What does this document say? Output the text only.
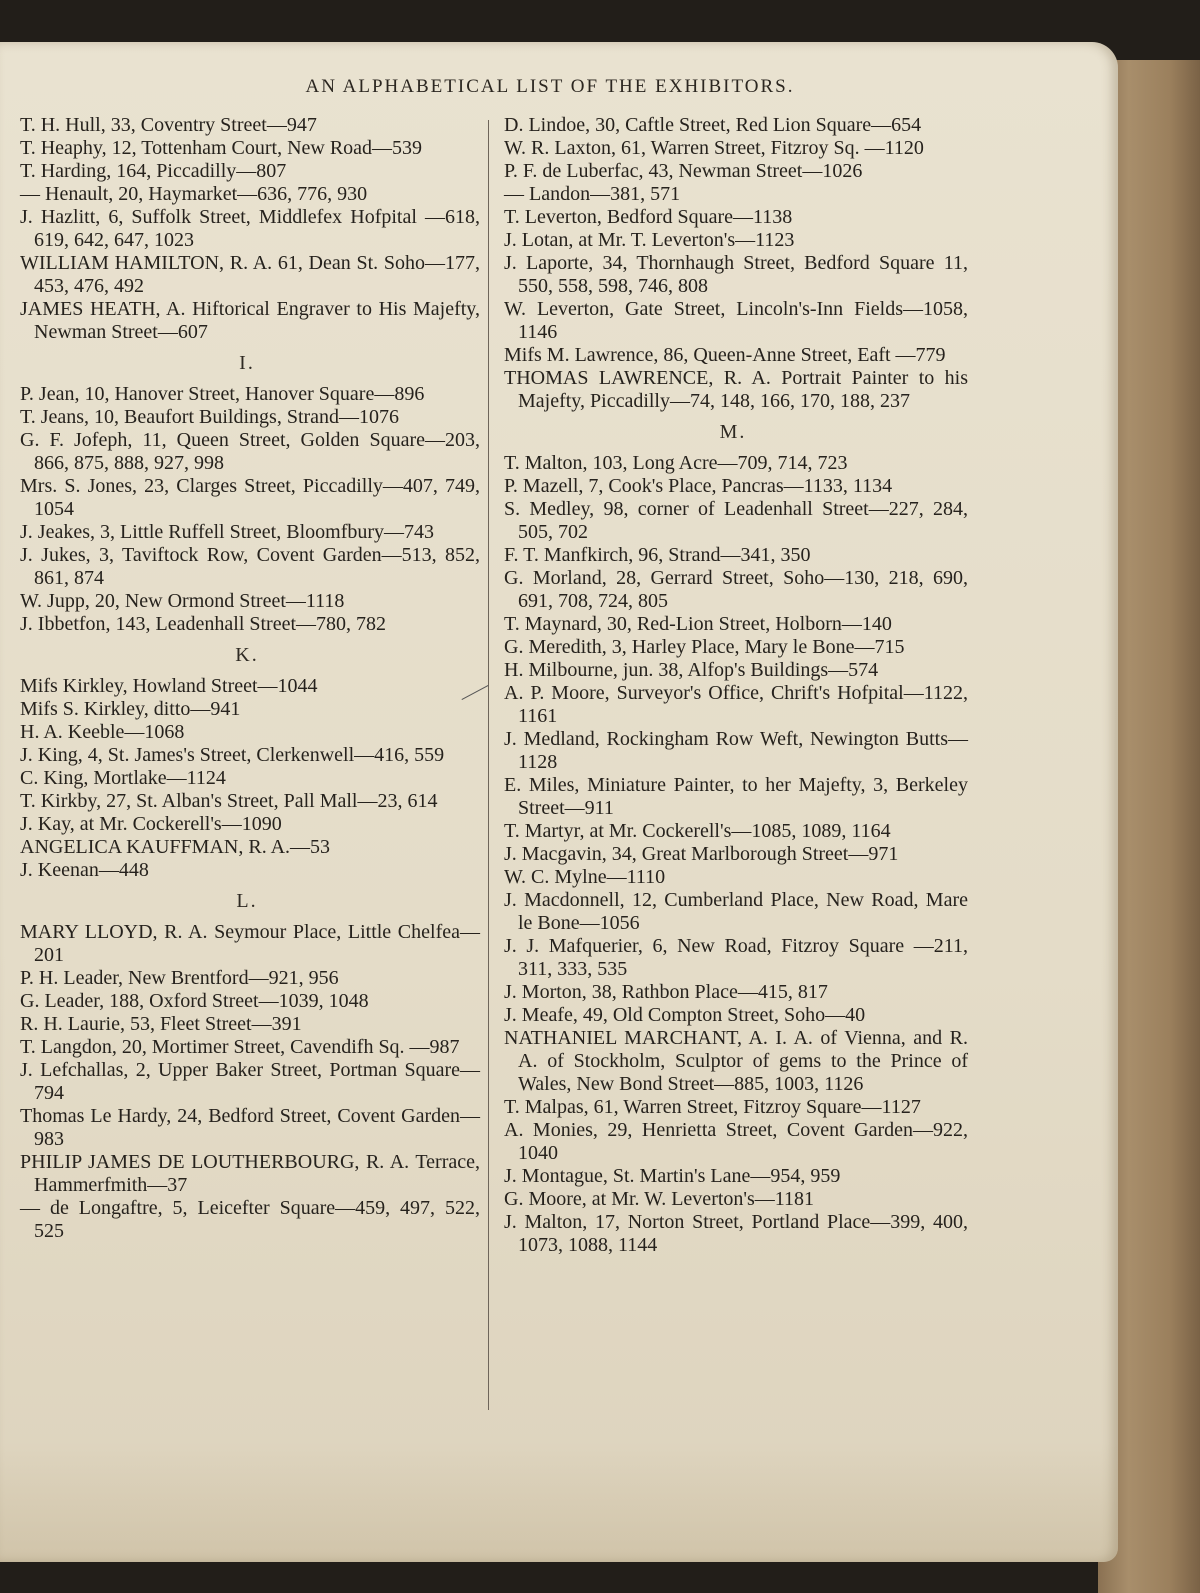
AN ALPHABETICAL LIST OF THE EXHIBITORS.

T. H. Hull, 33, Coventry Street—947

T. Heaphy, 12, Tottenham Court, New Road—539

T. Harding, 164, Piccadilly—807

— Henault, 20, Haymarket—636, 776, 930

J. Hazlitt, 6, Suffolk Street, Middlefex Hofpital —618, 619, 642, 647, 1023

WILLIAM HAMILTON, R. A. 61, Dean St. Soho—177, 453, 476, 492

JAMES HEATH, A. Hiftorical Engraver to His Majefty, Newman Street—607

I.

P. Jean, 10, Hanover Street, Hanover Square—896

T. Jeans, 10, Beaufort Buildings, Strand—1076

G. F. Jofeph, 11, Queen Street, Golden Square—203, 866, 875, 888, 927, 998

Mrs. S. Jones, 23, Clarges Street, Piccadilly—407, 749, 1054

J. Jeakes, 3, Little Ruffell Street, Bloomfbury—743

J. Jukes, 3, Taviftock Row, Covent Garden—513, 852, 861, 874

W. Jupp, 20, New Ormond Street—1118

J. Ibbetfon, 143, Leadenhall Street—780, 782

K.

Mifs Kirkley, Howland Street—1044

Mifs S. Kirkley, ditto—941

H. A. Keeble—1068

J. King, 4, St. James's Street, Clerkenwell—416, 559

C. King, Mortlake—1124

T. Kirkby, 27, St. Alban's Street, Pall Mall—23, 614

J. Kay, at Mr. Cockerell's—1090

ANGELICA KAUFFMAN, R. A.—53

J. Keenan—448

L.

MARY LLOYD, R. A. Seymour Place, Little Chelfea—201

P. H. Leader, New Brentford—921, 956

G. Leader, 188, Oxford Street—1039, 1048

R. H. Laurie, 53, Fleet Street—391

T. Langdon, 20, Mortimer Street, Cavendifh Sq. —987

J. Lefchallas, 2, Upper Baker Street, Portman Square—794

Thomas Le Hardy, 24, Bedford Street, Covent Garden—983

PHILIP JAMES DE LOUTHERBOURG, R. A. Terrace, Hammerfmith—37

— de Longaftre, 5, Leicefter Square—459, 497, 522, 525

D. Lindoe, 30, Caftle Street, Red Lion Square—654

W. R. Laxton, 61, Warren Street, Fitzroy Sq. —1120

P. F. de Luberfac, 43, Newman Street—1026

— Landon—381, 571

T. Leverton, Bedford Square—1138

J. Lotan, at Mr. T. Leverton's—1123

J. Laporte, 34, Thornhaugh Street, Bedford Square 11, 550, 558, 598, 746, 808

W. Leverton, Gate Street, Lincoln's-Inn Fields—1058, 1146

Mifs M. Lawrence, 86, Queen-Anne Street, Eaft —779

THOMAS LAWRENCE, R. A. Portrait Painter to his Majefty, Piccadilly—74, 148, 166, 170, 188, 237

M.

T. Malton, 103, Long Acre—709, 714, 723

P. Mazell, 7, Cook's Place, Pancras—1133, 1134

S. Medley, 98, corner of Leadenhall Street—227, 284, 505, 702

F. T. Manfkirch, 96, Strand—341, 350

G. Morland, 28, Gerrard Street, Soho—130, 218, 690, 691, 708, 724, 805

T. Maynard, 30, Red-Lion Street, Holborn—140

G. Meredith, 3, Harley Place, Mary le Bone—715

H. Milbourne, jun. 38, Alfop's Buildings—574

A. P. Moore, Surveyor's Office, Chrift's Hofpital—1122, 1161

J. Medland, Rockingham Row Weft, Newington Butts—1128

E. Miles, Miniature Painter, to her Majefty, 3, Berkeley Street—911

T. Martyr, at Mr. Cockerell's—1085, 1089, 1164

J. Macgavin, 34, Great Marlborough Street—971

W. C. Mylne—1110

J. Macdonnell, 12, Cumberland Place, New Road, Mare le Bone—1056

J. J. Mafquerier, 6, New Road, Fitzroy Square —211, 311, 333, 535

J. Morton, 38, Rathbon Place—415, 817

J. Meafe, 49, Old Compton Street, Soho—40

NATHANIEL MARCHANT, A. I. A. of Vienna, and R. A. of Stockholm, Sculptor of gems to the Prince of Wales, New Bond Street—885, 1003, 1126

T. Malpas, 61, Warren Street, Fitzroy Square—1127

A. Monies, 29, Henrietta Street, Covent Garden—922, 1040

J. Montague, St. Martin's Lane—954, 959

G. Moore, at Mr. W. Leverton's—1181

J. Malton, 17, Norton Street, Portland Place—399, 400, 1073, 1088, 1144
